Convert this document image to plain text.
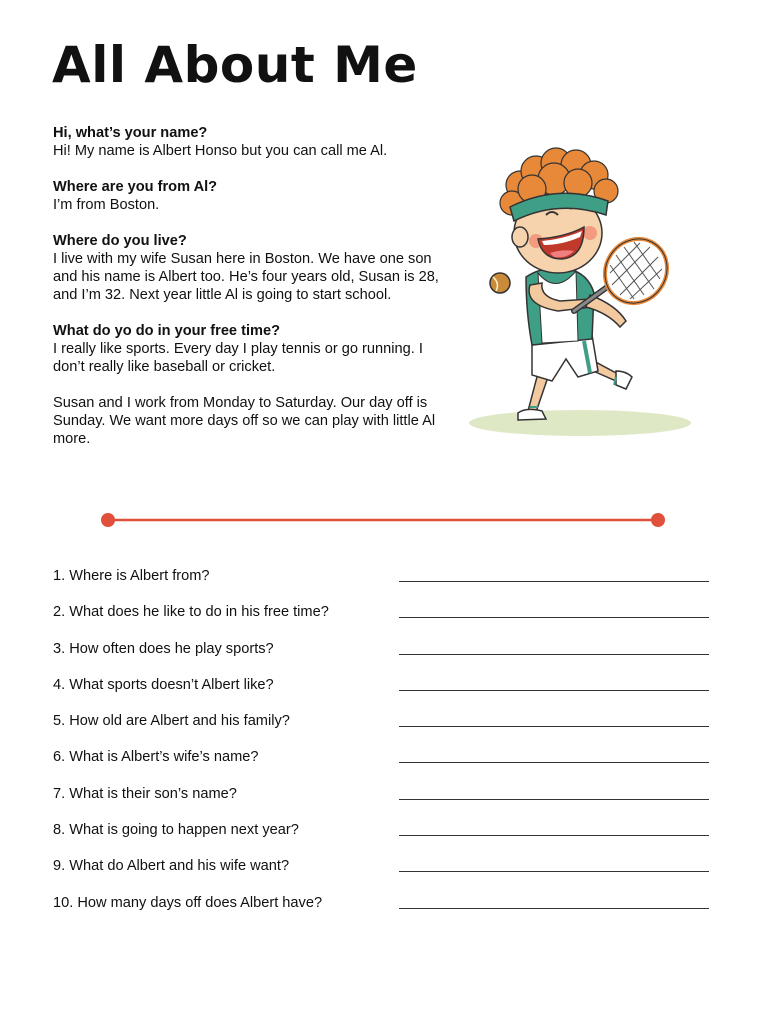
All About Me
Hi, what’s your name?
Hi! My name is Albert Honso but you can call me Al.
Where are you from Al?
I’m from Boston.
Where do you live?
I live with my wife Susan here in Boston. We have one son and his name is Albert too. He’s four years old, Susan is 28, and I’m 32. Next year little Al is going to start school.
What do yo do in your free time?
I really like sports. Every day I play tennis or go running. I don’t really like baseball or cricket.
Susan and I work from Monday to Saturday. Our day off is Sunday. We want more days off so we can play with little Al more.
1. Where is Albert from?
2. What does he like to do in his free time?
3. How often does he play sports?
4. What sports doesn’t Albert like?
5. How old are Albert and his family?
6. What is Albert’s wife’s name?
7. What is their son’s name?
8. What is going to happen next year?
9. What do Albert and his wife want?
10. How many days off does Albert have?
